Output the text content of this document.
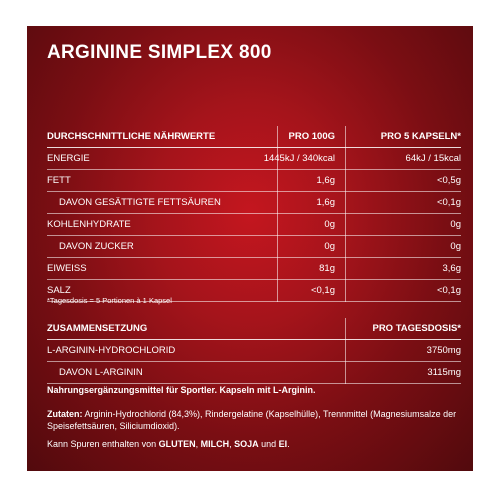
ARGININE SIMPLEX 800
DURCHSCHNITTLICHE NÄHRWERTE	PRO 100G	PRO 5 KAPSELN*
ENERGIE	1445kJ / 340kcal	64kJ / 15kcal
FETT	1,6g	<0,5g
DAVON GESÄTTIGTE FETTSÄUREN	1,6g	<0,1g
KOHLENHYDRATE	0g	0g
DAVON ZUCKER	0g	0g
EIWEISS	81g	3,6g
SALZ	<0,1g	<0,1g
*Tagesdosis = 5 Portionen à 1 Kapsel
ZUSAMMENSETZUNG	PRO TAGESDOSIS*
L-ARGININ-HYDROCHLORID	3750mg
DAVON L-ARGININ	3115mg
Nahrungsergänzungsmittel für Sportler. Kapseln mit L-Arginin.
Zutaten: Arginin-Hydrochlorid (84,3%), Rindergelatine (Kapselhülle), Trennmittel (Magnesiumsalze der Speisefettsäuren, Siliciumdioxid).
Kann Spuren enthalten von GLUTEN, MILCH, SOJA und EI.
